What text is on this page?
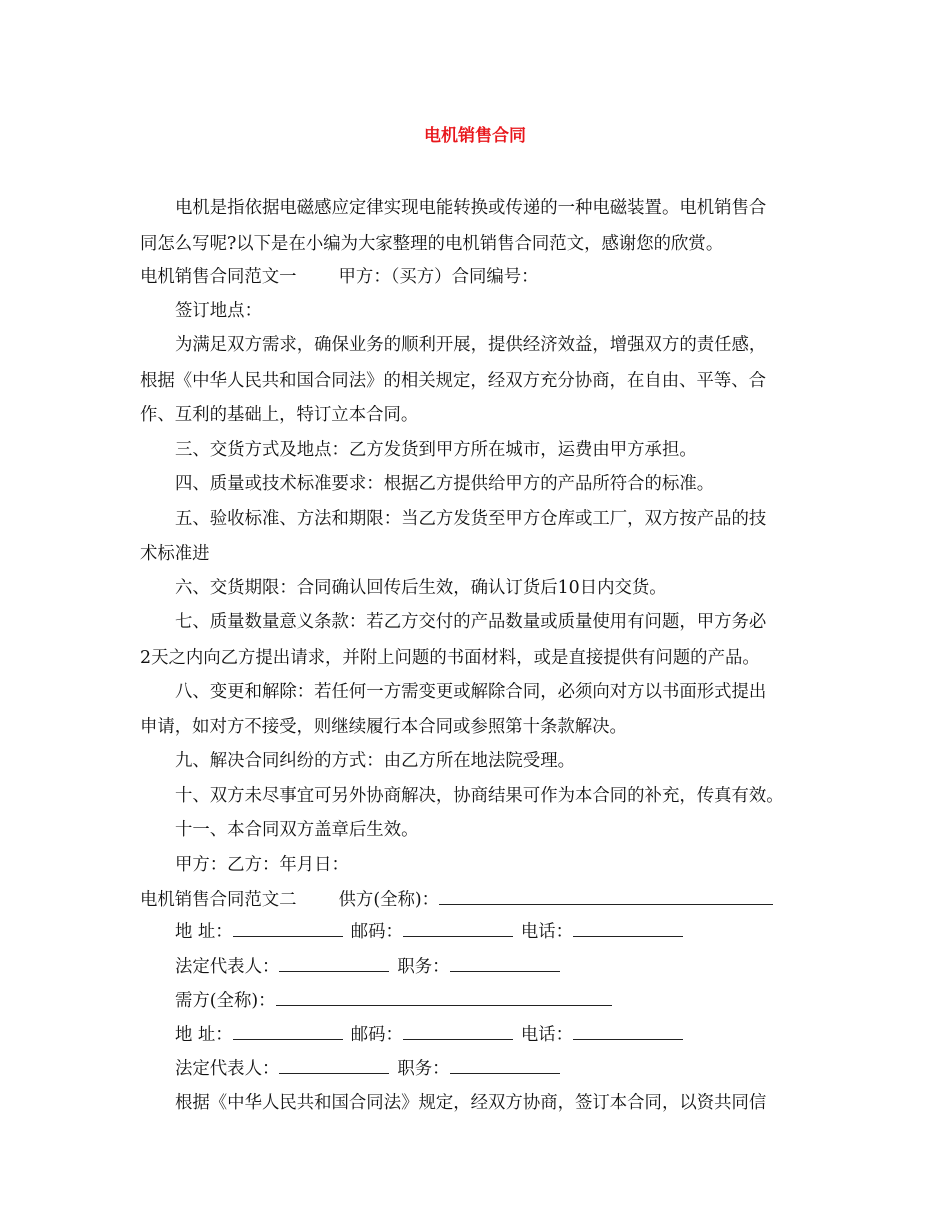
电机销售合同
电机是指依据电磁感应定律实现电能转换或传递的一种电磁装置。电机销售合
同怎么写呢?以下是在小编为大家整理的电机销售合同范文，感谢您的欣赏。
电机销售合同范文一 甲方：（买方）合同编号：
签订地点：
为满足双方需求，确保业务的顺利开展，提供经济效益，增强双方的责任感，
根据《中华人民共和国合同法》的相关规定，经双方充分协商，在自由、平等、合
作、互利的基础上，特订立本合同。
三、交货方式及地点：乙方发货到甲方所在城市，运费由甲方承担。
四、质量或技术标准要求：根据乙方提供给甲方的产品所符合的标准。
五、验收标准、方法和期限：当乙方发货至甲方仓库或工厂，双方按产品的技
术标准进
六、交货期限：合同确认回传后生效，确认订货后10日内交货。
七、质量数量意义条款：若乙方交付的产品数量或质量使用有问题，甲方务必
2天之内向乙方提出请求，并附上问题的书面材料，或是直接提供有问题的产品。
八、变更和解除：若任何一方需变更或解除合同，必须向对方以书面形式提出
申请，如对方不接受，则继续履行本合同或参照第十条款解决。
九、解决合同纠纷的方式：由乙方所在地法院受理。
十、双方未尽事宜可另外协商解决，协商结果可作为本合同的补充，传真有效。
十一、本合同双方盖章后生效。
甲方：乙方：年月日：
电机销售合同范文二 供方(全称)：
地 址：	邮码：	电话：
法定代表人：	职务：
需方(全称)：
地 址：	邮码：	电话：
法定代表人：	职务：
根据《中华人民共和国合同法》规定，经双方协商，签订本合同，以资共同信
